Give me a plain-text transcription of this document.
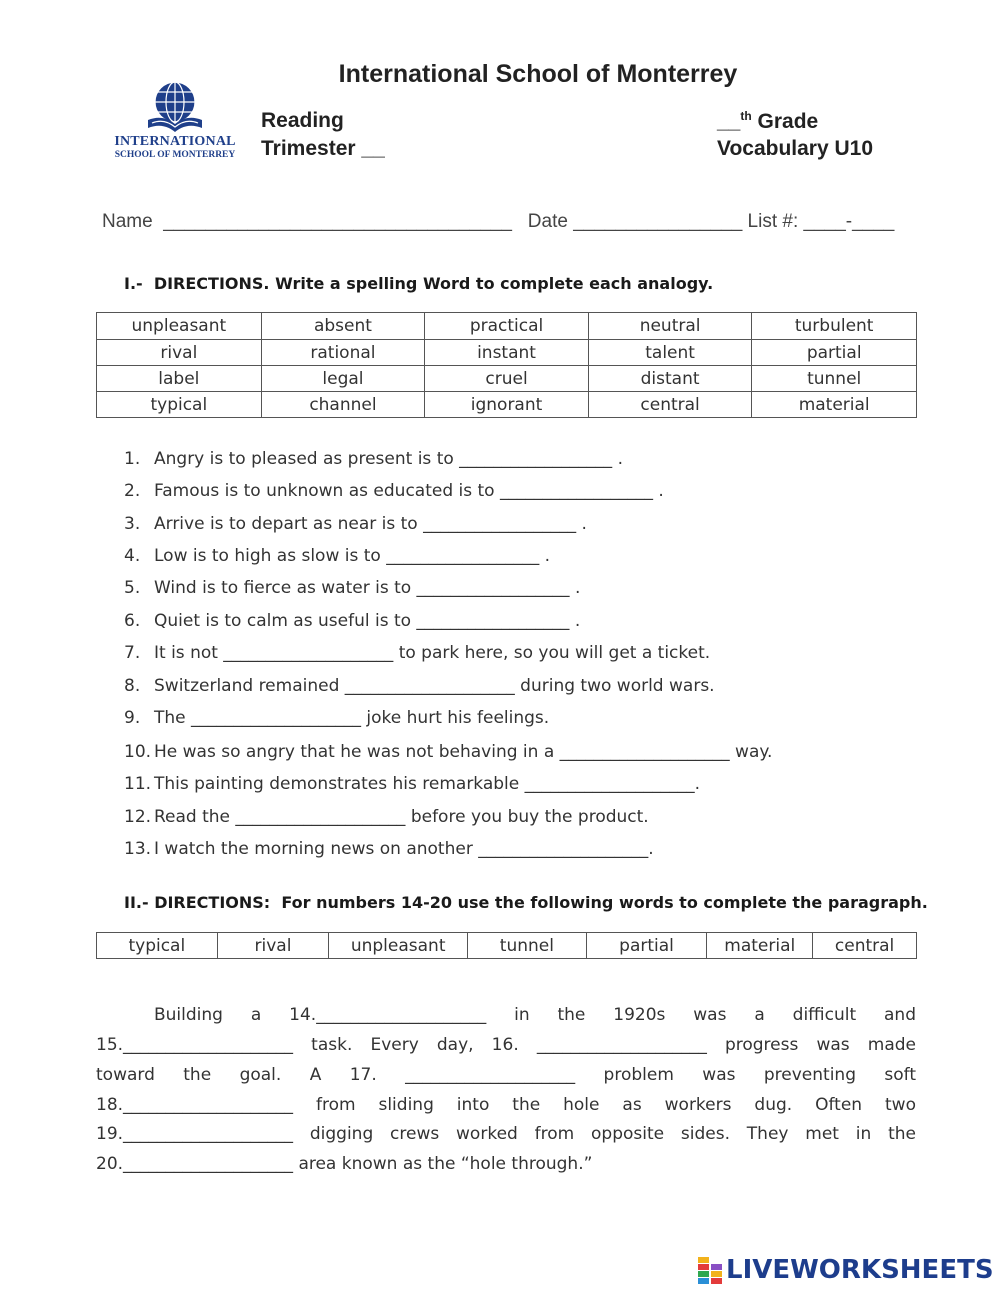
International School of Monterrey
INTERNATIONAL
SCHOOL OF MONTERREY
Reading
Trimester __
__$^{th}$ Grade
Vocabulary U10
Name  _________________________________   Date ________________ List #: ____-____
I.-  DIRECTIONS. Write a spelling Word to complete each analogy.
unpleasant	absent	practical	neutral	turbulent
rival	rational	instant	talent	partial
label	legal	cruel	distant	tunnel
typical	channel	ignorant	central	material
1. Angry is to pleased as present is to __________________ .
2. Famous is to unknown as educated is to __________________ .
3. Arrive is to depart as near is to __________________ .
4. Low is to high as slow is to __________________ .
5. Wind is to fierce as water is to __________________ .
6. Quiet is to calm as useful is to __________________ .
7. It is not ____________________ to park here, so you will get a ticket.
8. Switzerland remained ____________________ during two world wars.
9. The ____________________ joke hurt his feelings.
10. He was so angry that he was not behaving in a ____________________ way.
11. This painting demonstrates his remarkable ____________________.
12. Read the ____________________ before you buy the product.
13. I watch the morning news on another ____________________.
II.- DIRECTIONS:  For numbers 14-20 use the following words to complete the paragraph.
typical	rival	unpleasant	tunnel	partial	material	central
Building a 14.____________________ in the 1920s was a difficult and
15.____________________ task. Every day, 16. ____________________ progress was made
toward the goal. A 17. ____________________ problem was preventing soft
18.____________________ from sliding into the hole as workers dug. Often two
19.____________________ digging crews worked from opposite sides. They met in the
20.____________________ area known as the “hole through.”
LIVEWORKSHEETS
